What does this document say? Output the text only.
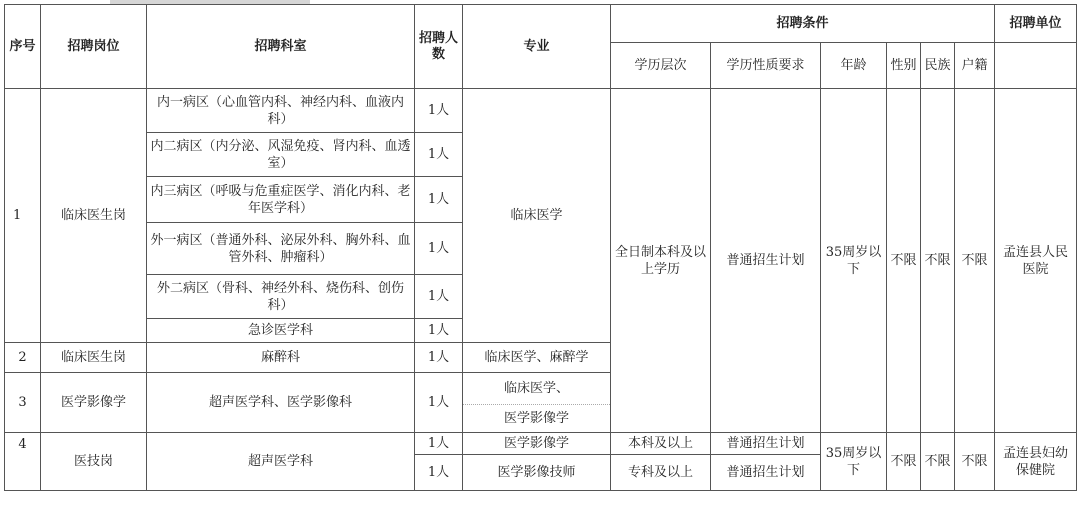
序号	招聘岗位	招聘科室	招聘人数	专业	招聘条件						招聘单位
					学历层次	学历性质要求	年龄	性别	民族	户籍	
1	临床医生岗	内一病区（心血管内科、神经内科、血液内科）	1人	临床医学	全日制本科及以上学历	普通招生计划	35周岁以下	不限	不限	不限	孟连县人民医院
		内二病区（内分泌、风湿免疫、肾内科、血透室）	1人								
		内三病区（呼吸与危重症医学、消化内科、老年医学科）	1人								
		外一病区（普通外科、泌尿外科、胸外科、血管外科、肿瘤科）	1人								
		外二病区（骨科、神经外科、烧伤科、创伤科）	1人								
		急诊医学科	1人								
2	临床医生岗	麻醉科	1人	临床医学、麻醉学							
3	医学影像学	超声医学科、医学影像科	1人	临床医学、							
				医学影像学							
4	医技岗	超声医学科	1人	医学影像学	本科及以上	普通招生计划	35周岁以下	不限	不限	不限	孟连县妇幼保健院
			1人	医学影像技师	专科及以上	普通招生计划					
